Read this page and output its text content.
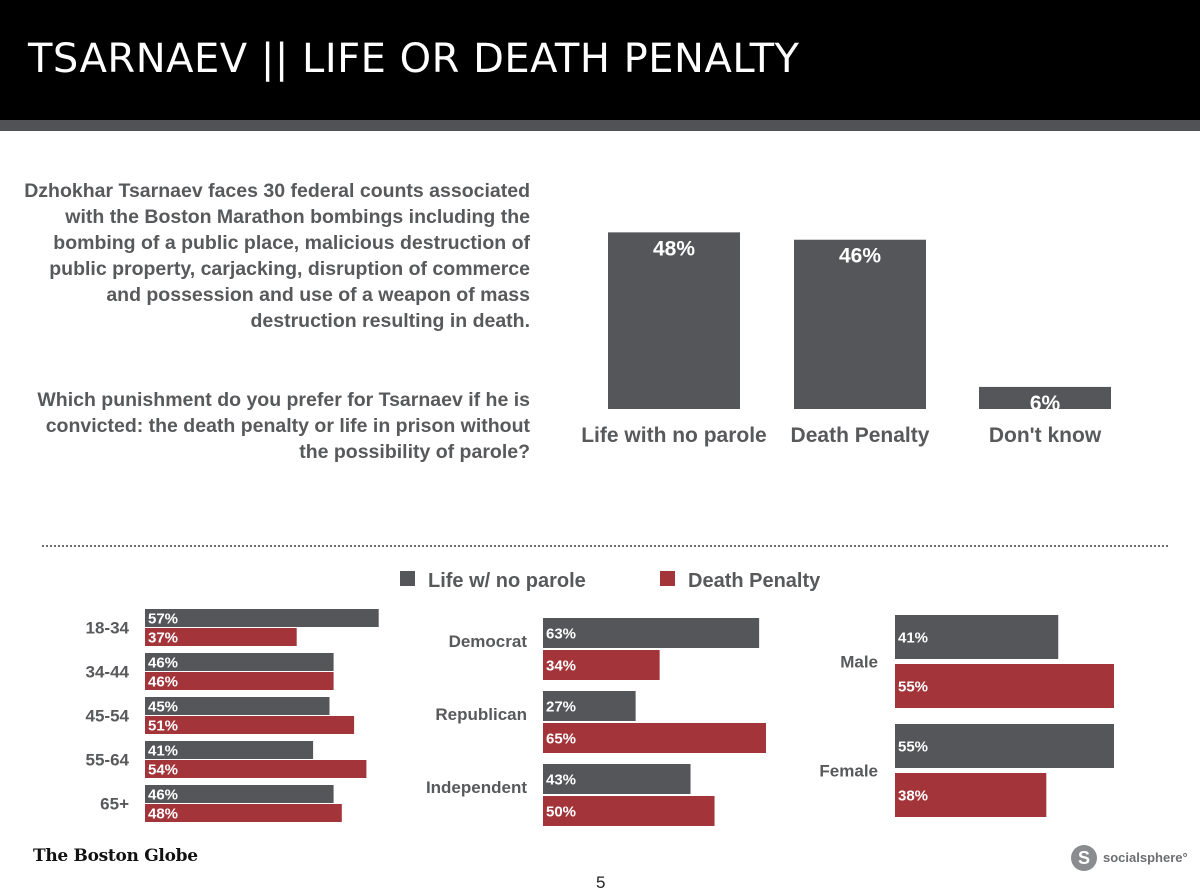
TSARNAEV || LIFE OR DEATH PENALTY
Dzhokhar Tsarnaev faces 30 federal counts associated with the Boston Marathon bombings including the bombing of a public place, malicious destruction of public property, carjacking, disruption of commerce and possession and use of a weapon of mass destruction resulting in death.
Which punishment do you prefer for Tsarnaev if he is convicted: the death penalty or life in prison without the possibility of parole?
48%
Life with no parole
46%
Death Penalty
6%
Don't know
Life w/ no parole	Death Penalty
57%
37%
18-34
46%
46%
34-44
45%
51%
45-54
41%
54%
55-64
46%
48%
65+
63%
34%
Democrat
27%
65%
Republican
43%
50%
Independent
41%
55%
Male
55%
38%
Female
The Boston Globe
5
S	socialsphere°
